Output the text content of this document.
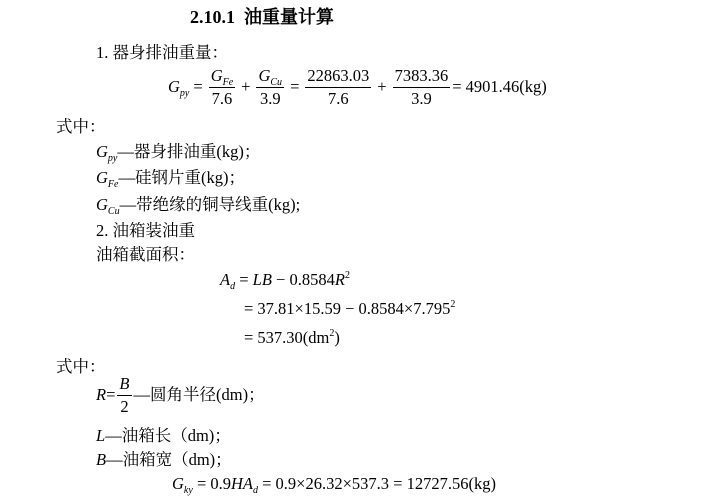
2.10.1 油重量计算
1. 器身排油重量：
$G_{py} = \frac{G_{Fe}}{7.6} + \frac{G_{Cu}}{3.9} = \frac{22863.03}{7.6} + \frac{7383.36}{3.9} = 4901.46(kg)$
式中：
$G_{py}—$器身排油重(kg)；
$G_{Fe}—$硅钢片重(kg)；
$G_{Cu}—$带绝缘的铜导线重(kg);
2. 油箱装油重
油箱截面积：
$A_d$ = LB − $0.8584R^2$
= $37.81\times 15.59 - 0.8584\times 7.795^2$
= $537.30(dm^2)$
式中：
$R = \frac{B}{2}$ —圆角半径(dm)；
L—油箱长（dm)；
B—油箱宽（dm)；
$G_{ky} = 0.9HA_d = 0.9\times 26.32\times 537.3 = 12727.56(kg)$
